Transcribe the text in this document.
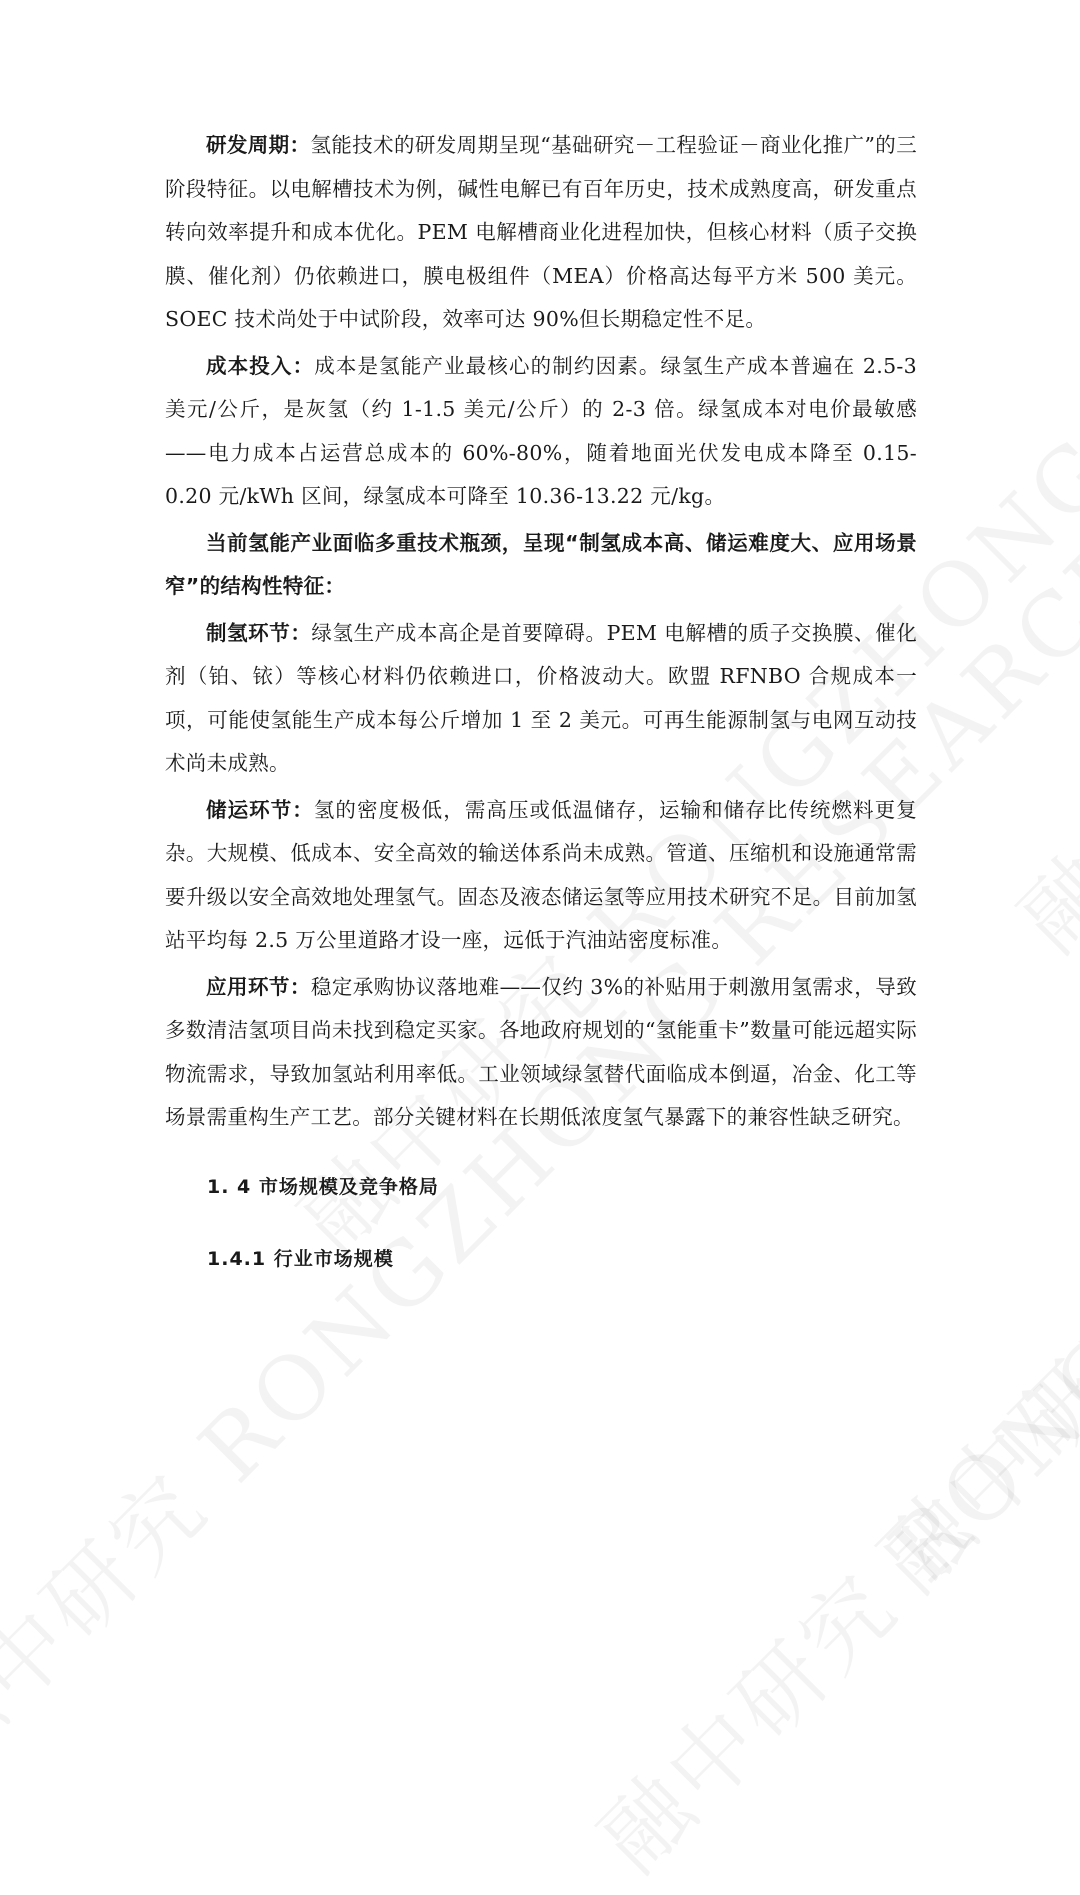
研发周期：氢能技术的研发周期呈现“基础研究－工程验证－商业化推广”的三阶段特征。以电解槽技术为例，碱性电解已有百年历史，技术成熟度高，研发重点转向效率提升和成本优化。PEM 电解槽商业化进程加快，但核心材料（质子交换膜、催化剂）仍依赖进口，膜电极组件（MEA）价格高达每平方米 500 美元。SOEC 技术尚处于中试阶段，效率可达 90%但长期稳定性不足。

成本投入：成本是氢能产业最核心的制约因素。绿氢生产成本普遍在 2.5-3 美元/公斤，是灰氢（约 1-1.5 美元/公斤）的 2-3 倍。绿氢成本对电价最敏感——电力成本占运营总成本的 60%-80%，随着地面光伏发电成本降至 0.15-0.20 元/kWh 区间，绿氢成本可降至 10.36-13.22 元/kg。

当前氢能产业面临多重技术瓶颈，呈现“制氢成本高、储运难度大、应用场景窄”的结构性特征：

制氢环节：绿氢生产成本高企是首要障碍。PEM 电解槽的质子交换膜、催化剂（铂、铱）等核心材料仍依赖进口，价格波动大。欧盟 RFNBO 合规成本一项，可能使氢能生产成本每公斤增加 1 至 2 美元。可再生能源制氢与电网互动技术尚未成熟。

储运环节：氢的密度极低，需高压或低温储存，运输和储存比传统燃料更复杂。大规模、低成本、安全高效的输送体系尚未成熟。管道、压缩机和设施通常需要升级以安全高效地处理氢气。固态及液态储运氢等应用技术研究不足。目前加氢站平均每 2.5 万公里道路才设一座，远低于汽油站密度标准。

应用环节：稳定承购协议落地难——仅约 3%的补贴用于刺激用氢需求，导致多数清洁氢项目尚未找到稳定买家。各地政府规划的“氢能重卡”数量可能远超实际物流需求，导致加氢站利用率低。工业领域绿氢替代面临成本倒逼，冶金、化工等场景需重构生产工艺。部分关键材料在长期低浓度氢气暴露下的兼容性缺乏研究。

1. 4 市场规模及竞争格局
1.4.1 行业市场规模
